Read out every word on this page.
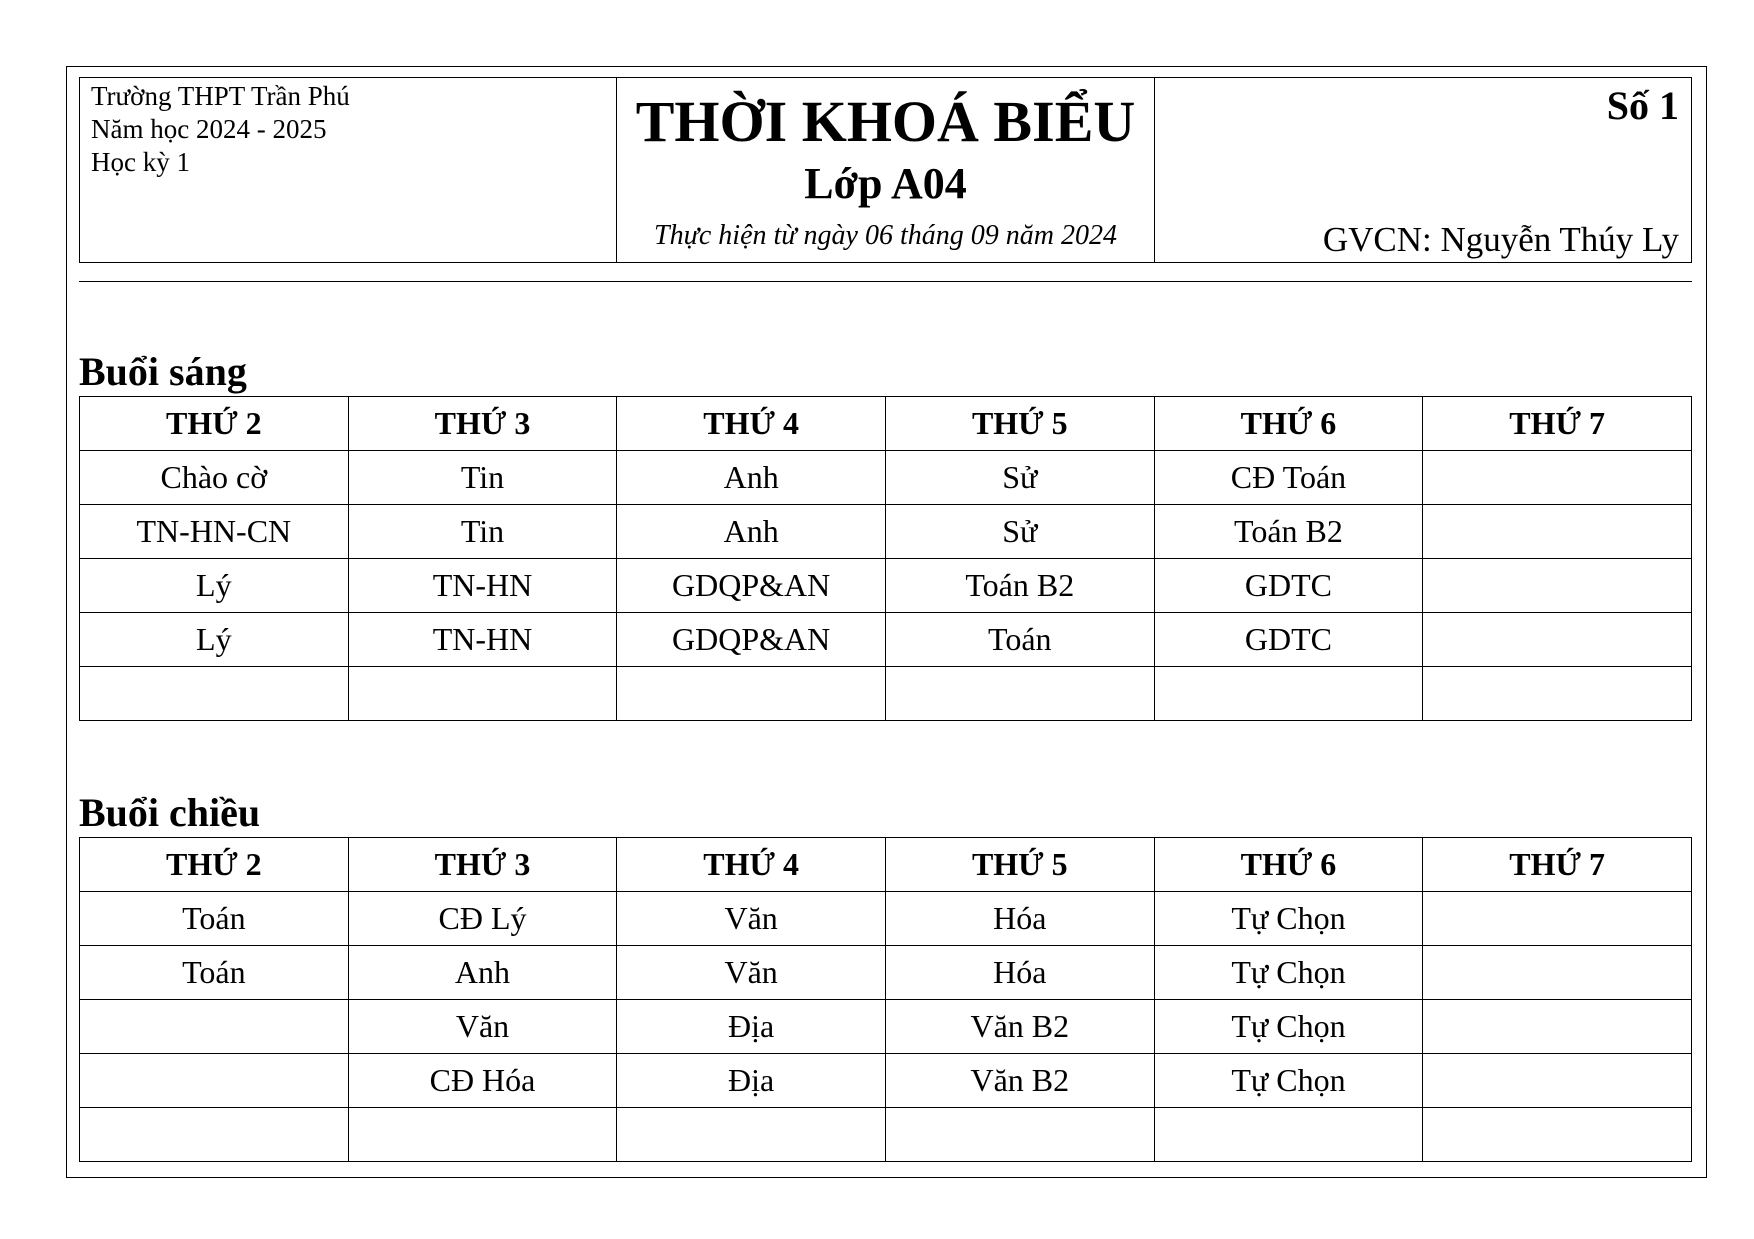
Trường THPT Trần Phú
Năm học 2024 - 2025
Học kỳ 1
THỜI KHOÁ BIỂU
Lớp A04
Thực hiện từ ngày 06 tháng 09 năm 2024
Số 1
GVCN: Nguyễn Thúy Ly
Buổi sáng
THỨ 2	THỨ 3	THỨ 4	THỨ 5	THỨ 6	THỨ 7
Chào cờ	Tin	Anh	Sử	CĐ Toán	
TN-HN-CN	Tin	Anh	Sử	Toán B2	
Lý	TN-HN	GDQP&AN	Toán B2	GDTC	
Lý	TN-HN	GDQP&AN	Toán	GDTC	

Buổi chiều
THỨ 2	THỨ 3	THỨ 4	THỨ 5	THỨ 6	THỨ 7
Toán	CĐ Lý	Văn	Hóa	Tự Chọn	
Toán	Anh	Văn	Hóa	Tự Chọn	
	Văn	Địa	Văn B2	Tự Chọn	
	CĐ Hóa	Địa	Văn B2	Tự Chọn	
